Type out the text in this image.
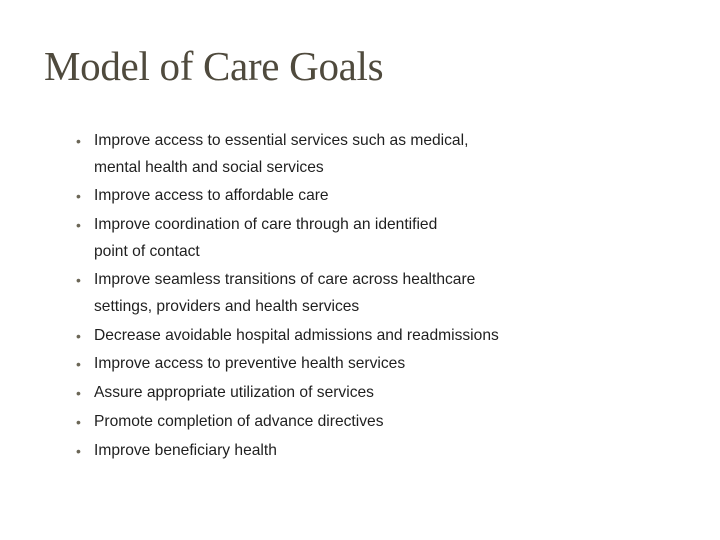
Model of Care Goals
• Improve access to essential services such as medical,
mental health and social services
• Improve access to affordable care
• Improve coordination of care through an identified
point of contact
• Improve seamless transitions of care across healthcare
settings, providers and health services
• Decrease avoidable hospital admissions and readmissions
• Improve access to preventive health services
• Assure appropriate utilization of services
• Promote completion of advance directives
• Improve beneficiary health
